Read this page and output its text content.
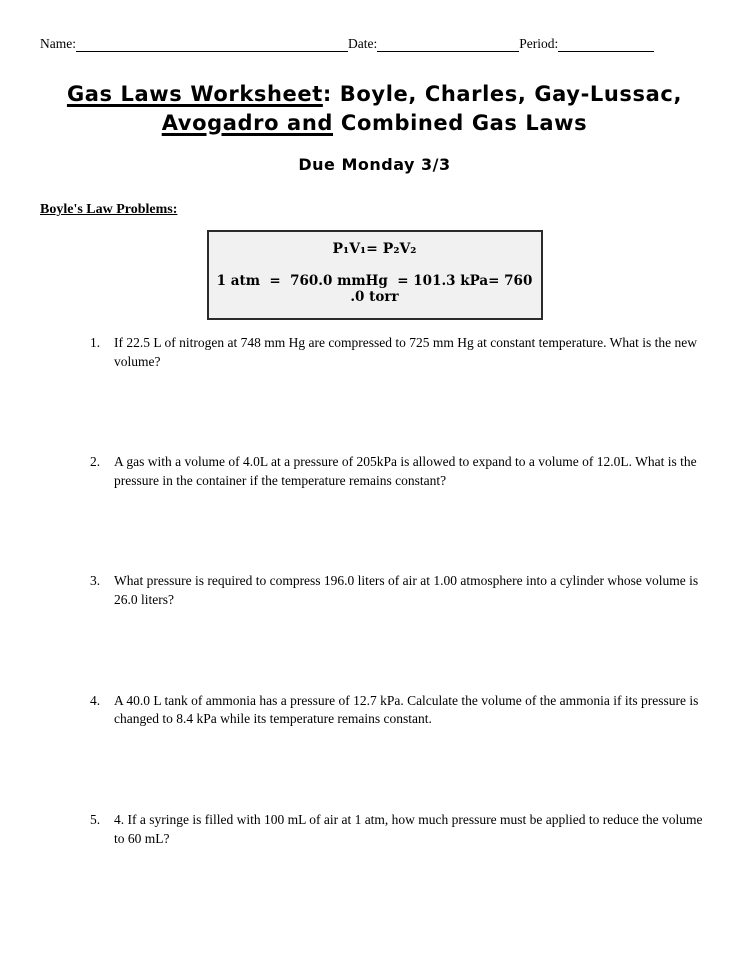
Name:	Date:	Period:
Gas Laws Worksheet: Boyle, Charles, Gay-Lussac,
Avogadro and Combined Gas Laws
Due Monday 3/3
Boyle's Law Problems:
P₁V₁= P₂V₂
1 atm  =  760.0 mmHg  = 101.3 kPa= 760 .0 torr
1.	If 22.5 L of nitrogen at 748 mm Hg are compressed to 725 mm Hg at constant temperature. What is the new volume?
2.	A gas with a volume of 4.0L at a pressure of 205kPa is allowed to expand to a volume of 12.0L. What is the pressure in the container if the temperature remains constant?
3.	What pressure is required to compress 196.0 liters of air at 1.00 atmosphere into a cylinder whose volume is 26.0 liters?
4.	A 40.0 L tank of ammonia has a pressure of 12.7 kPa. Calculate the volume of the ammonia if its pressure is changed to 8.4 kPa while its temperature remains constant.
5.	4. If a syringe is filled with 100 mL of air at 1 atm, how much pressure must be applied to reduce the volume to 60 mL?
